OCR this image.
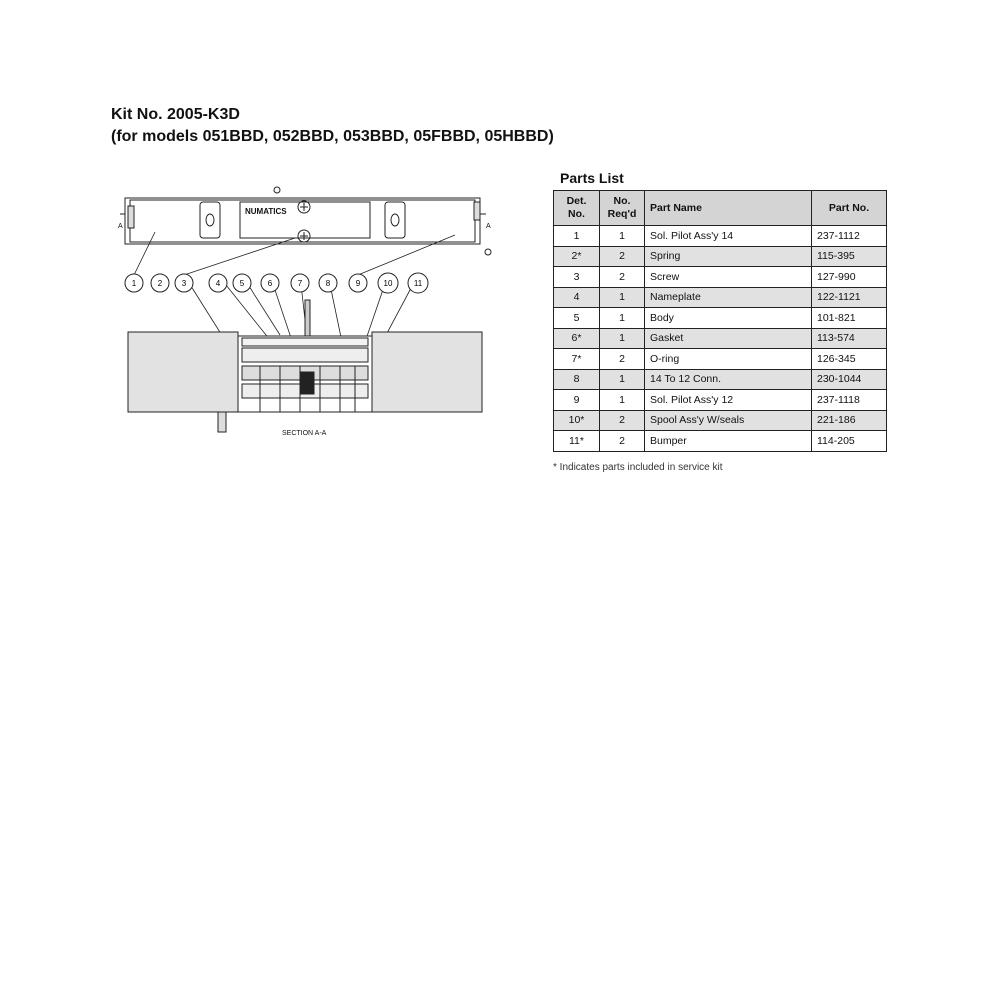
Kit No. 2005-K3D
(for models 051BBD, 052BBD, 053BBD, 05FBBD, 05HBBD)
NUMATICS
A	A
1	2 3	4 5	6	7	8	9	10	11
SECTION A-A
Parts List
Det. No.	No. Req'd	Part Name	Part No.
1	1	Sol. Pilot Ass'y 14	237-1112
2*	2	Spring	115-395
3	2	Screw	127-990
4	1	Nameplate	122-1121
5	1	Body	101-821
6*	1	Gasket	113-574
7*	2	O-ring	126-345
8	1	14 To 12 Conn.	230-1044
9	1	Sol. Pilot Ass'y 12	237-1118
10*	2	Spool Ass'y W/seals	221-186
11*	2	Bumper	114-205
* Indicates parts included in service kit
